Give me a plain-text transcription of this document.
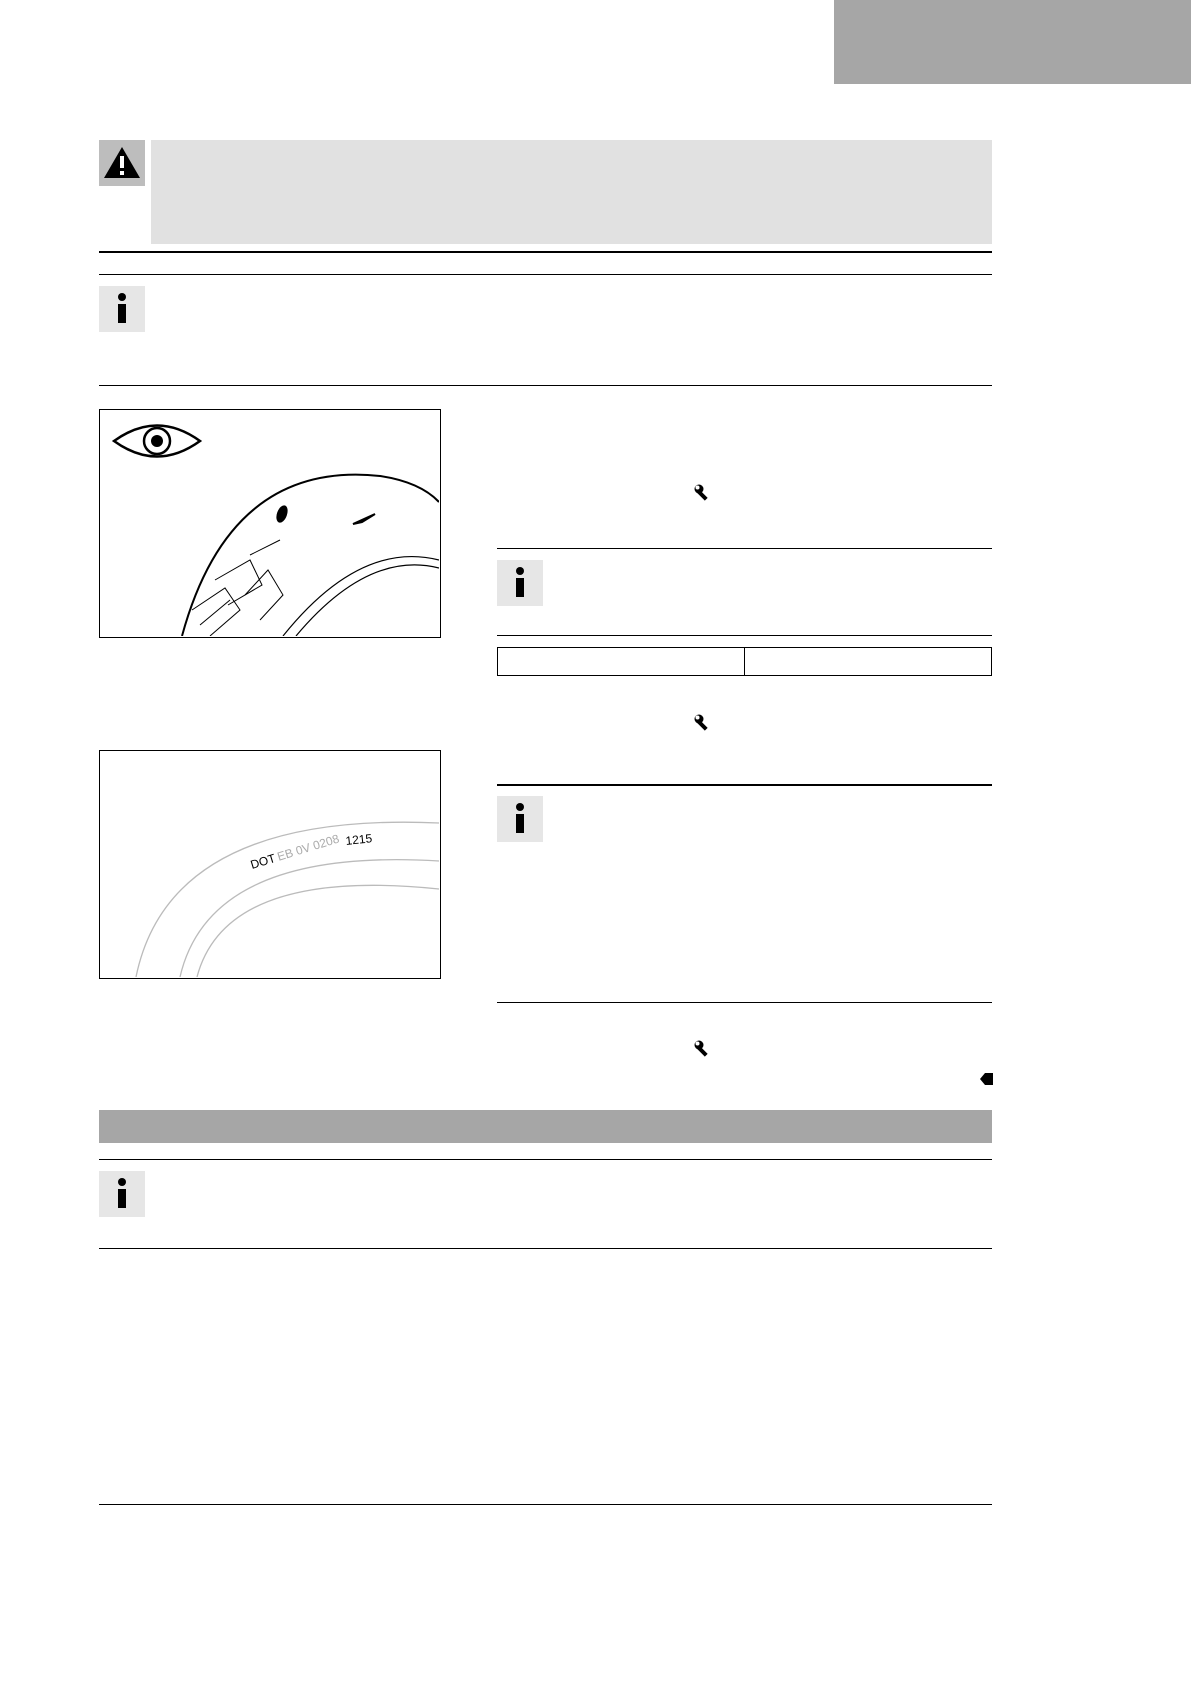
DOT
EB 0V 0208 1215
